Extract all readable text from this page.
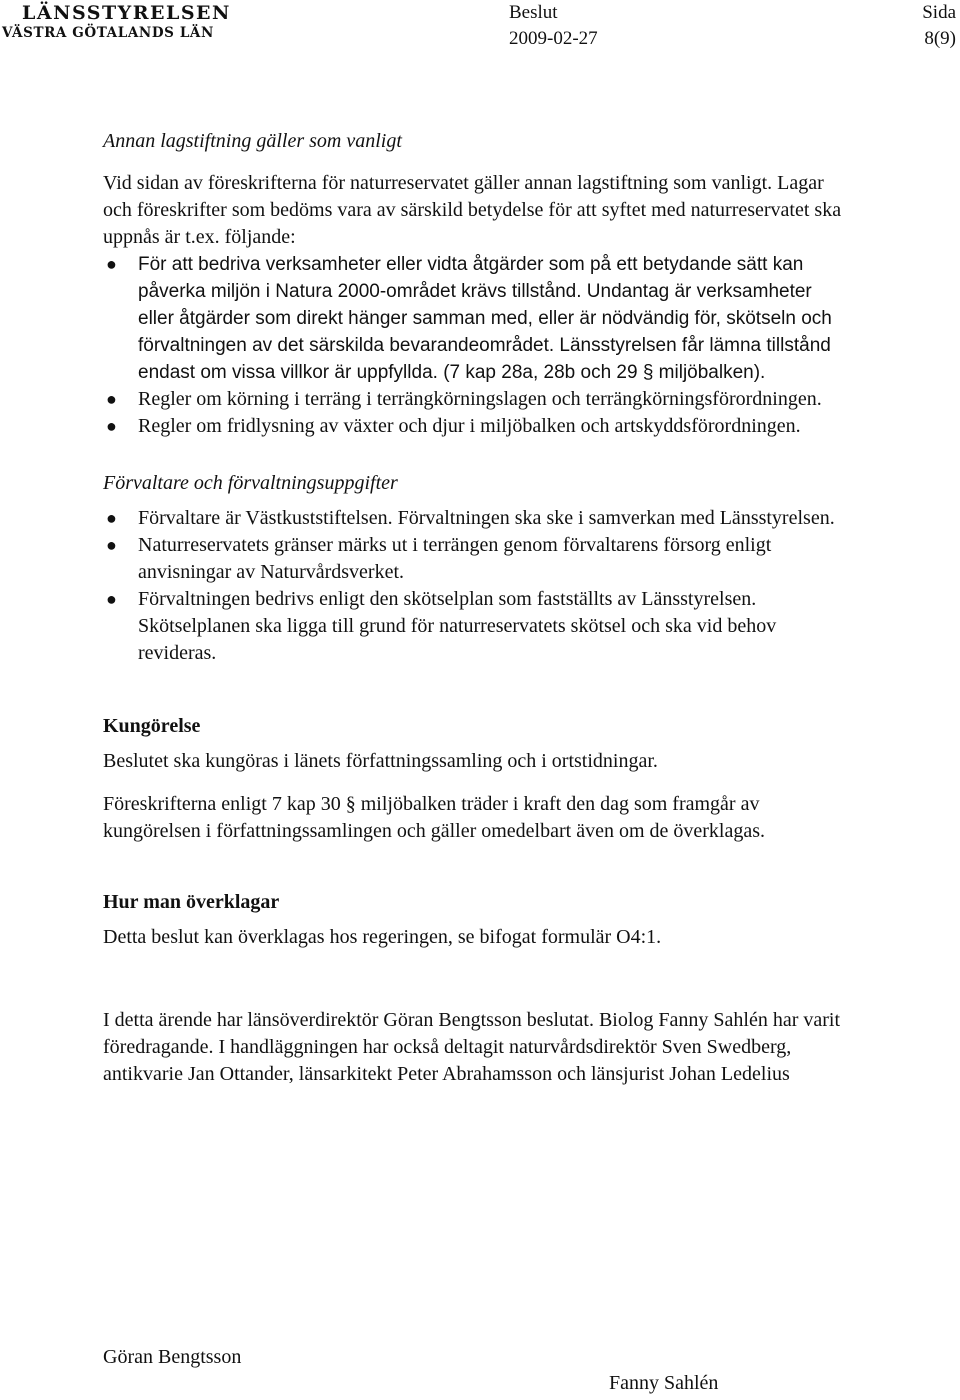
LÄNSSTYRELSEN
VÄSTRA GÖTALANDS LÄN
Beslut
2009-02-27
Sida
8(9)

Annan lagstiftning gäller som vanligt

Vid sidan av föreskrifterna för naturreservatet gäller annan lagstiftning som vanligt. Lagar och föreskrifter som bedöms vara av särskild betydelse för att syftet med naturreservatet ska uppnås är t.ex. följande:

● För att bedriva verksamheter eller vidta åtgärder som på ett betydande sätt kan påverka miljön i Natura 2000-området krävs tillstånd. Undantag är verksamheter eller åtgärder som direkt hänger samman med, eller är nödvändig för, skötseln och förvaltningen av det särskilda bevarandeområdet. Länsstyrelsen får lämna tillstånd endast om vissa villkor är uppfyllda. (7 kap 28a, 28b och 29 § miljöbalken).
● Regler om körning i terräng i terrängkörningslagen och terrängkörningsförordningen.
● Regler om fridlysning av växter och djur i miljöbalken och artskyddsförordningen.

Förvaltare och förvaltningsuppgifter

● Förvaltare är Västkuststiftelsen. Förvaltningen ska ske i samverkan med Länsstyrelsen.
● Naturreservatets gränser märks ut i terrängen genom förvaltarens försorg enligt anvisningar av Naturvårdsverket.
● Förvaltningen bedrivs enligt den skötselplan som fastställts av Länsstyrelsen. Skötselplanen ska ligga till grund för naturreservatets skötsel och ska vid behov revideras.

Kungörelse

Beslutet ska kungöras i länets författningssamling och i ortstidningar.

Föreskrifterna enligt 7 kap 30 § miljöbalken träder i kraft den dag som framgår av kungörelsen i författningssamlingen och gäller omedelbart även om de överklagas.

Hur man överklagar

Detta beslut kan överklagas hos regeringen, se bifogat formulär O4:1.

I detta ärende har länsöverdirektör Göran Bengtsson beslutat. Biolog Fanny Sahlén har varit föredragande. I handläggningen har också deltagit naturvårdsdirektör Sven Swedberg, antikvarie Jan Ottander, länsarkitekt Peter Abrahamsson och länsjurist Johan Ledelius

Göran Bengtsson
Fanny Sahlén
